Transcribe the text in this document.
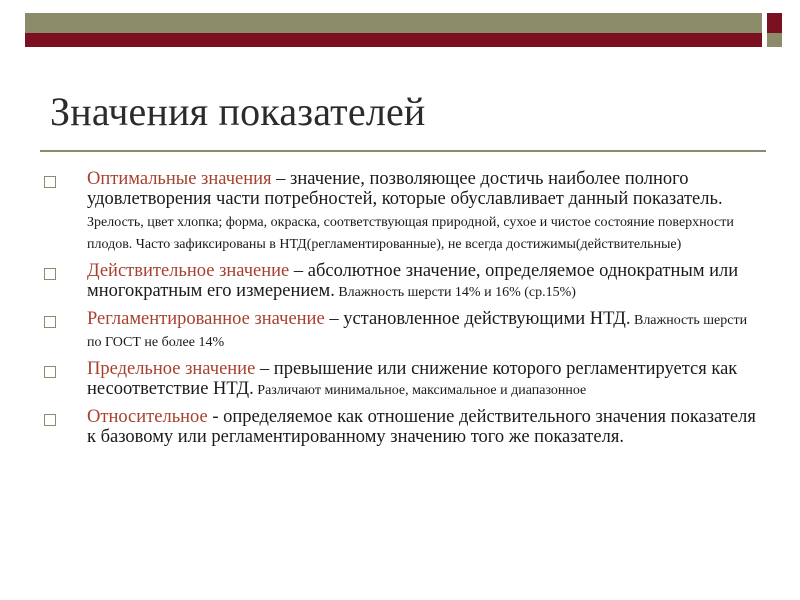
Значения показателей
Оптимальные значения – значение, позволяющее достичь наиболее полного удовлетворения части потребностей, которые обуславливает данный показатель. Зрелость, цвет хлопка; форма, окраска, соответствующая природной, сухое и чистое состояние поверхности плодов. Часто зафиксированы в НТД(регламентированные), не всегда достижимы(действительные)
Действительное значение – абсолютное значение, определяемое однократным или многократным его измерением. Влажность шерсти 14% и 16% (ср.15%)
Регламентированное значение – установленное действующими НТД. Влажность шерсти по ГОСТ не более 14%
Предельное значение – превышение или снижение которого регламентируется как несоответствие НТД. Различают минимальное, максимальное и диапазонное
Относительное - определяемое как отношение действительного значения показателя к базовому или регламентированному значению того же показателя.
